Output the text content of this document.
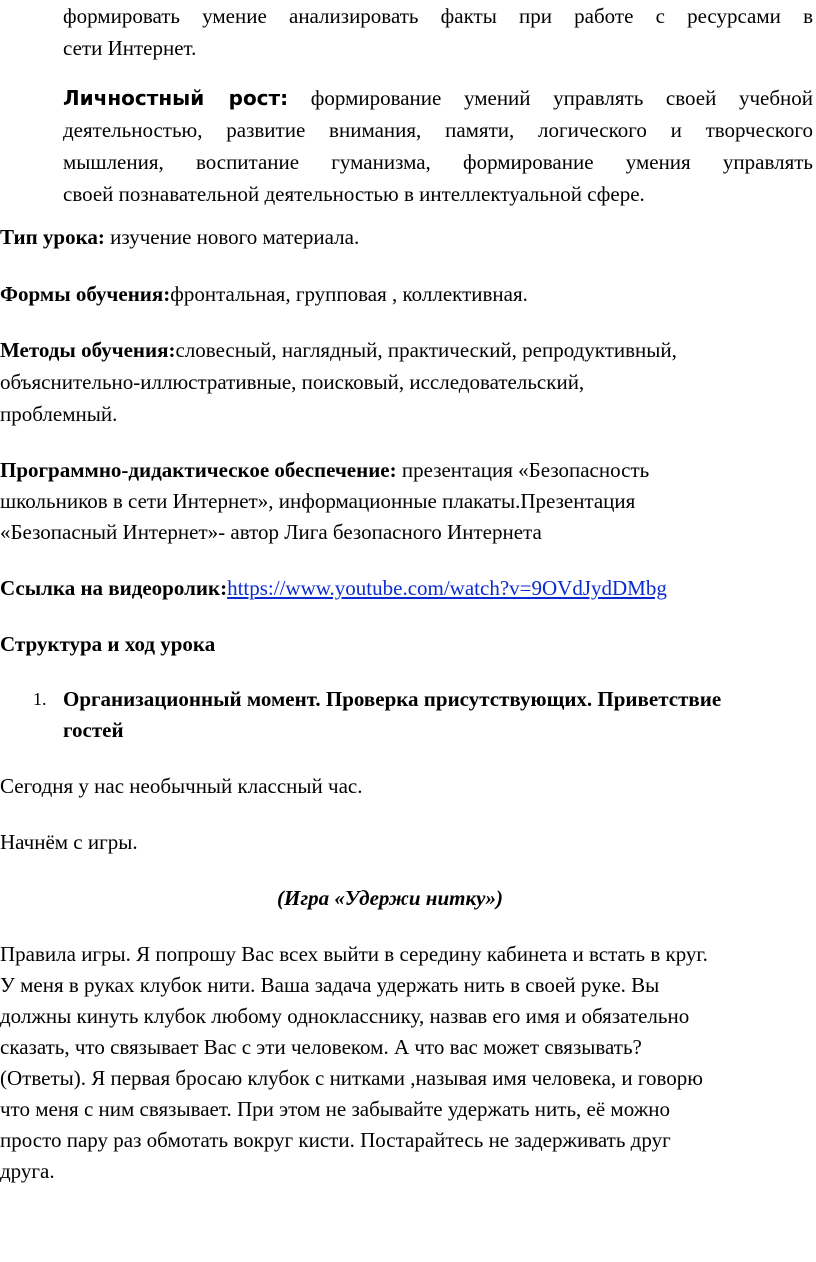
формировать умение анализировать факты при работе с ресурсами в
сети Интернет.
Личностный рост: формирование умений управлять своей учебной
деятельностью, развитие внимания, памяти, логического и творческого
мышления, воспитание гуманизма, формирование умения управлять
своей познавательной деятельностью в интеллектуальной сфере.
Тип урока: изучение нового материала.
Формы обучения:фронтальная, групповая , коллективная.
Методы обучения:словесный, наглядный, практический, репродуктивный,
объяснительно-иллюстративные, поисковый, исследовательский,
проблемный.
Программно-дидактическое обеспечение: презентация «Безопасность
школьников в сети Интернет», информационные плакаты.Презентация
«Безопасный Интернет»- автор Лига безопасного Интернета
Ссылка на видеоролик:https://www.youtube.com/watch?v=9OVdJydDMbg
Структура и ход урока
1. Организационный момент. Проверка присутствующих. Приветствие
гостей
Сегодня у нас необычный классный час.
Начнём с игры.
(Игра «Удержи нитку»)
Правила игры. Я попрошу Вас всех выйти в середину кабинета и встать в круг.
У меня в руках клубок нити. Ваша задача удержать нить в своей руке. Вы
должны кинуть клубок любому однокласснику, назвав его имя и обязательно
сказать, что связывает Вас с эти человеком. А что вас может связывать?
(Ответы). Я первая бросаю клубок с нитками ,называя имя человека, и говорю
что меня с ним связывает. При этом не забывайте удержать нить, её можно
просто пару раз обмотать вокруг кисти. Постарайтесь не задерживать друг
друга.
